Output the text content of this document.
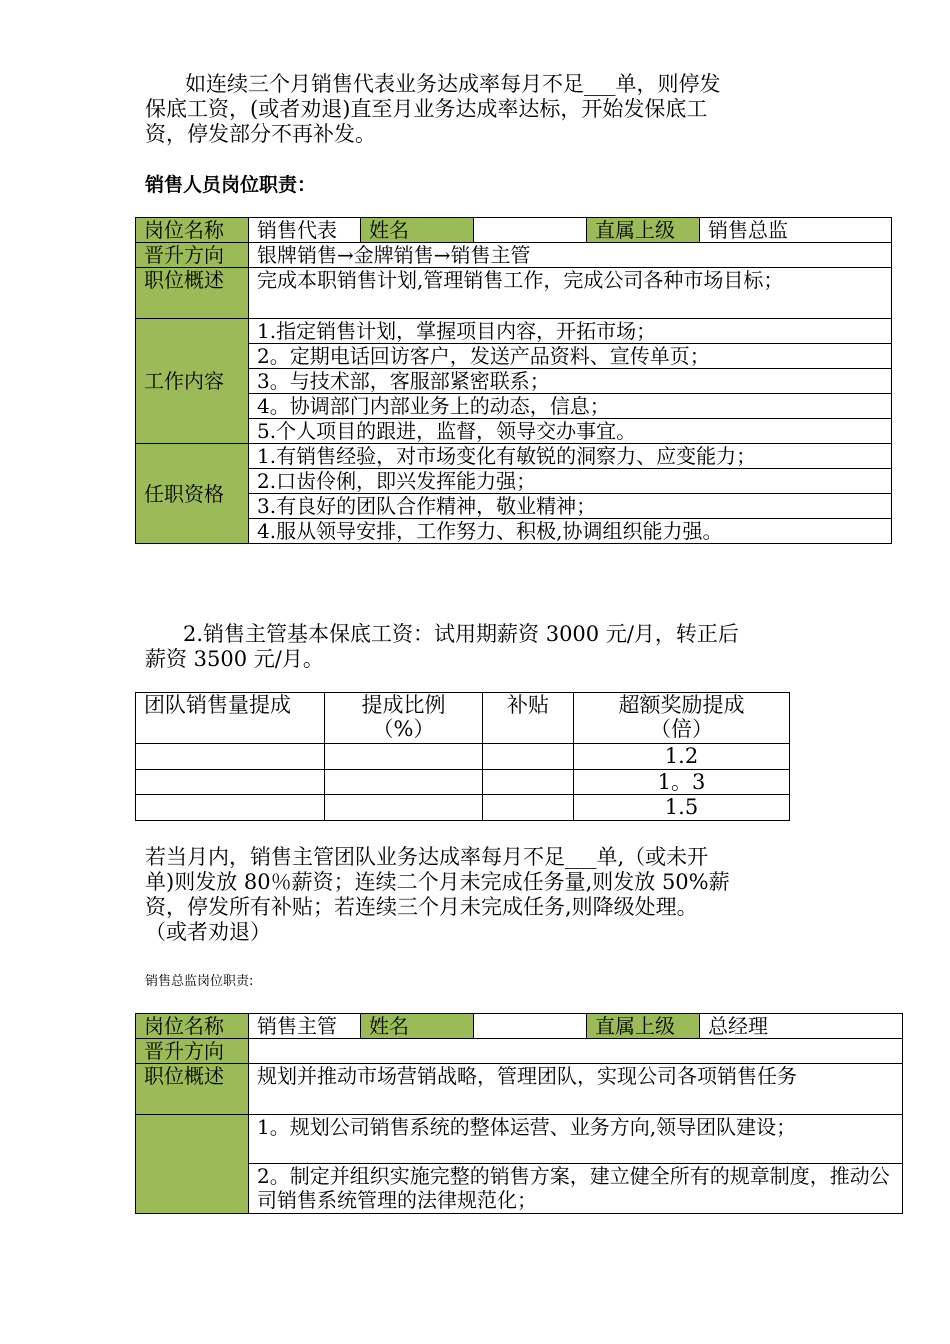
如连续三个月销售代表业务达成率每月不足___单，则停发
保底工资，(或者劝退)直至月业务达成率达标，开始发保底工
资，停发部分不再补发。
销售人员岗位职责：
岗位名称	销售代表	姓名		直属上级	销售总监
晋升方向	银牌销售→金牌销售→销售主管				
职位概述	完成本职销售计划,管理销售工作，完成公司各种市场目标；				
工作内容	1.指定销售计划，掌握项目内容，开拓市场；				
	2。定期电话回访客户，发送产品资料、宣传单页；				
	3。与技术部，客服部紧密联系；				
	4。协调部门内部业务上的动态，信息；				
	5.个人项目的跟进，监督，领导交办事宜。				
任职资格	1.有销售经验，对市场变化有敏锐的洞察力、应变能力；				
	2.口齿伶俐，即兴发挥能力强；				
	3.有良好的团队合作精神，敬业精神；				
	4.服从领导安排，工作努力、积极,协调组织能力强。				
2.销售主管基本保底工资：试用期薪资 3000 元/月，转正后
薪资 3500 元/月。
团队销售量提成	提成比例（%）	补贴	超额奖励提成（倍）
			1.2
			1。3
			1.5
若当月内，销售主管团队业务达成率每月不足___单,（或未开
单)则发放 80％薪资；连续二个月未完成任务量,则发放 50%薪
资，停发所有补贴；若连续三个月未完成任务,则降级处理。
（或者劝退）
销售总监岗位职责:
岗位名称	销售主管	姓名		直属上级	总经理
晋升方向					
职位概述	规划并推动市场营销战略，管理团队，实现公司各项销售任务				
	1。规划公司销售系统的整体运营、业务方向,领导团队建设；				
	2。制定并组织实施完整的销售方案，建立健全所有的规章制度，推动公司销售系统管理的法律规范化；				
